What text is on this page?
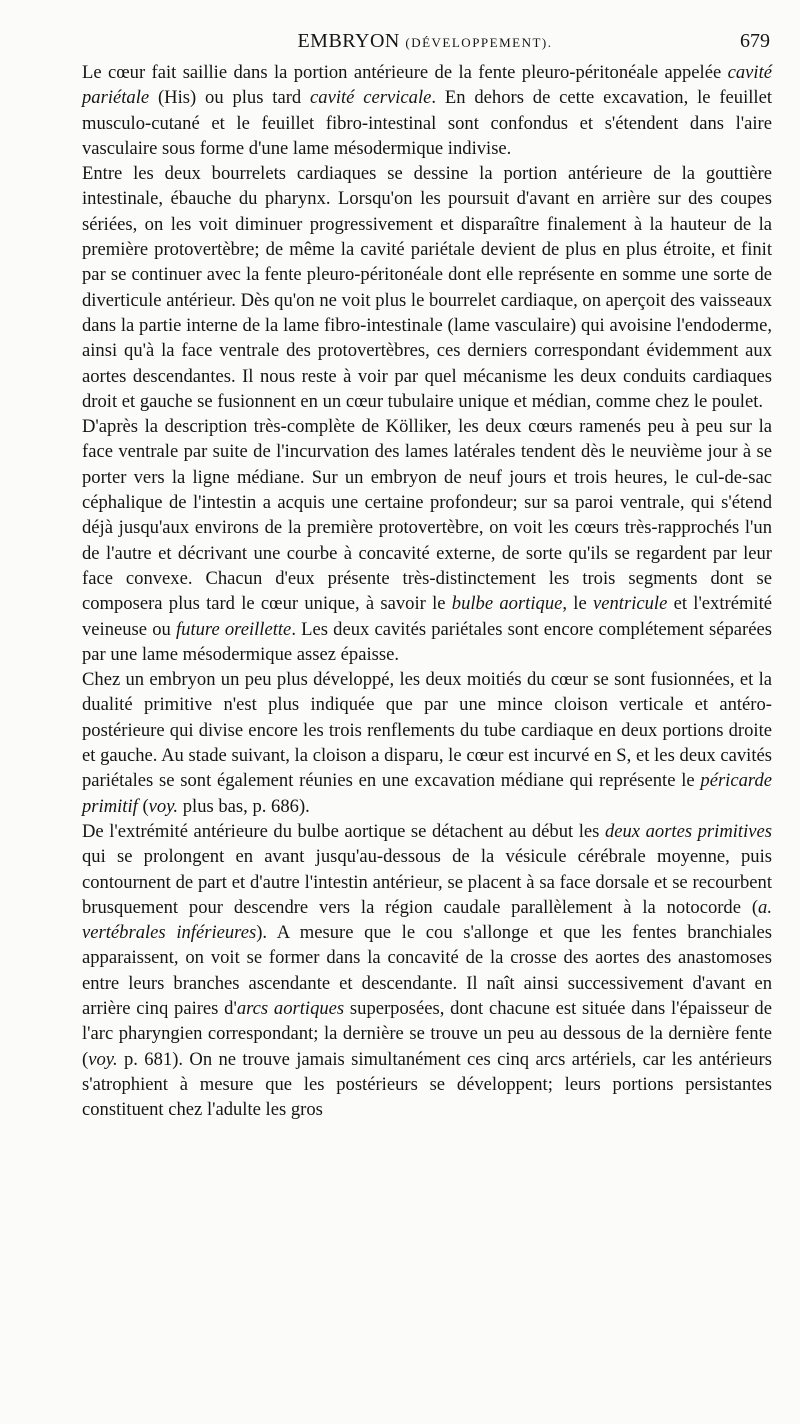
EMBRYON (DÉVELOPPEMENT).	679

Le cœur fait saillie dans la portion antérieure de la fente pleuro-péritonéale appelée cavité pariétale (His) ou plus tard cavité cervicale. En dehors de cette excavation, le feuillet musculo-cutané et le feuillet fibro-intestinal sont confondus et s'étendent dans l'aire vasculaire sous forme d'une lame mésodermique indivise.

Entre les deux bourrelets cardiaques se dessine la portion antérieure de la gouttière intestinale, ébauche du pharynx. Lorsqu'on les poursuit d'avant en arrière sur des coupes sériées, on les voit diminuer progressivement et disparaître finalement à la hauteur de la première protovertèbre; de même la cavité pariétale devient de plus en plus étroite, et finit par se continuer avec la fente pleuro-péritonéale dont elle représente en somme une sorte de diverticule antérieur. Dès qu'on ne voit plus le bourrelet cardiaque, on aperçoit des vaisseaux dans la partie interne de la lame fibro-intestinale (lame vasculaire) qui avoisine l'endoderme, ainsi qu'à la face ventrale des protovertèbres, ces derniers correspondant évidemment aux aortes descendantes. Il nous reste à voir par quel mécanisme les deux conduits cardiaques droit et gauche se fusionnent en un cœur tubulaire unique et médian, comme chez le poulet.

D'après la description très-complète de Kölliker, les deux cœurs ramenés peu à peu sur la face ventrale par suite de l'incurvation des lames latérales tendent dès le neuvième jour à se porter vers la ligne médiane. Sur un embryon de neuf jours et trois heures, le cul-de-sac céphalique de l'intestin a acquis une certaine profondeur; sur sa paroi ventrale, qui s'étend déjà jusqu'aux environs de la première protovertèbre, on voit les cœurs très-rapprochés l'un de l'autre et décrivant une courbe à concavité externe, de sorte qu'ils se regardent par leur face convexe. Chacun d'eux présente très-distinctement les trois segments dont se composera plus tard le cœur unique, à savoir le bulbe aortique, le ventricule et l'extrémité veineuse ou future oreillette. Les deux cavités pariétales sont encore complétement séparées par une lame mésodermique assez épaisse.

Chez un embryon un peu plus développé, les deux moitiés du cœur se sont fusionnées, et la dualité primitive n'est plus indiquée que par une mince cloison verticale et antéro-postérieure qui divise encore les trois renflements du tube cardiaque en deux portions droite et gauche. Au stade suivant, la cloison a disparu, le cœur est incurvé en S, et les deux cavités pariétales se sont également réunies en une excavation médiane qui représente le péricarde primitif (voy. plus bas, p. 686).

De l'extrémité antérieure du bulbe aortique se détachent au début les deux aortes primitives qui se prolongent en avant jusqu'au-dessous de la vésicule cérébrale moyenne, puis contournent de part et d'autre l'intestin antérieur, se placent à sa face dorsale et se recourbent brusquement pour descendre vers la région caudale parallèlement à la notocorde (a. vertébrales inférieures). A mesure que le cou s'allonge et que les fentes branchiales apparaissent, on voit se former dans la concavité de la crosse des aortes des anastomoses entre leurs branches ascendante et descendante. Il naît ainsi successivement d'avant en arrière cinq paires d'arcs aortiques superposées, dont chacune est située dans l'épaisseur de l'arc pharyngien correspondant; la dernière se trouve un peu au dessous de la dernière fente (voy. p. 681). On ne trouve jamais simultanément ces cinq arcs artériels, car les antérieurs s'atrophient à mesure que les postérieurs se développent; leurs portions persistantes constituent chez l'adulte les gros
